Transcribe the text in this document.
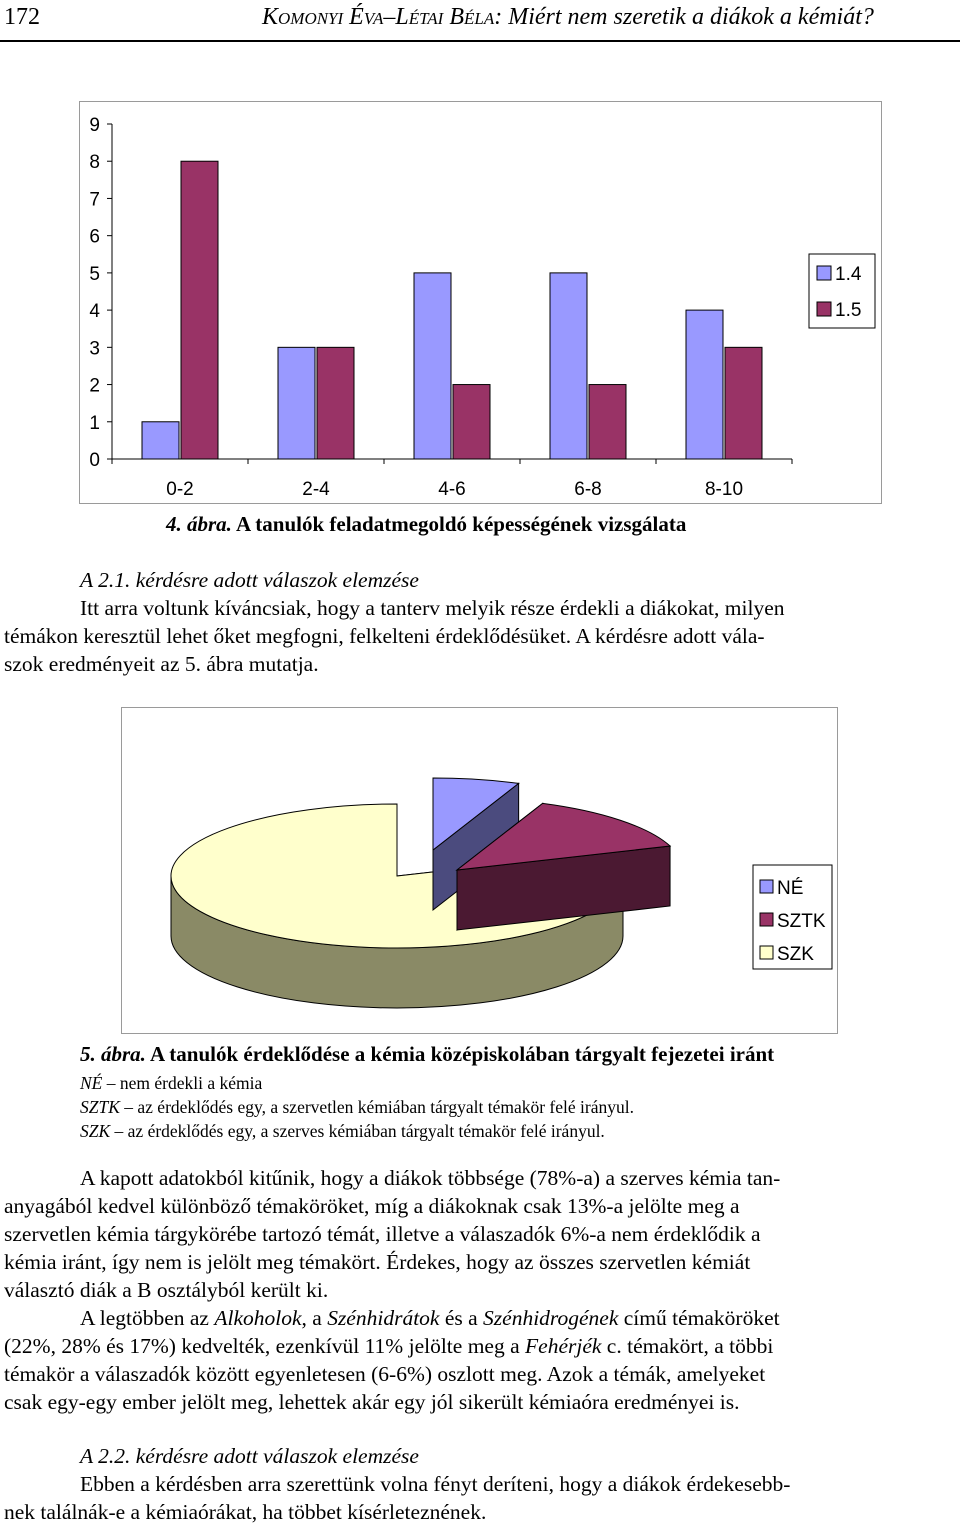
172	Komonyi Éva–Létai Béla: Miért nem szeretik a diákok a kémiát?
0
1
2
3
4
5
6
7
8
9
0-2	2-4	4-6	6-8	8-10
1.4
1.5
4. ábra. A tanulók feladatmegoldó képességének vizsgálata
A 2.1. kérdésre adott válaszok elemzése
Itt arra voltunk kíváncsiak, hogy a tanterv melyik része érdekli a diákokat, milyen
témákon keresztül lehet őket megfogni, felkelteni érdeklődésüket. A kérdésre adott vála-
szok eredményeit az 5. ábra mutatja.
NÉ
SZTK
SZK
5. ábra. A tanulók érdeklődése a kémia középiskolában tárgyalt fejezetei iránt
NÉ – nem érdekli a kémia
SZTK – az érdeklődés egy, a szervetlen kémiában tárgyalt témakör felé irányul.
SZK – az érdeklődés egy, a szerves kémiában tárgyalt témakör felé irányul.
A kapott adatokból kitűnik, hogy a diákok többsége (78%-a) a szerves kémia tan-
anyagából kedvel különböző témaköröket, míg a diákoknak csak 13%-a jelölte meg a
szervetlen kémia tárgykörébe tartozó témát, illetve a válaszadók 6%-a nem érdeklődik a
kémia iránt, így nem is jelölt meg témakört. Érdekes, hogy az összes szervetlen kémiát
választó diák a B osztályból került ki.
A legtöbben az Alkoholok, a Szénhidrátok és a Szénhidrogének című témaköröket
(22%, 28% és 17%) kedvelték, ezenkívül 11% jelölte meg a Fehérjék c. témakört, a többi
témakör a válaszadók között egyenletesen (6-6%) oszlott meg. Azok a témák, amelyeket
csak egy-egy ember jelölt meg, lehettek akár egy jól sikerült kémiaóra eredményei is.
A 2.2. kérdésre adott válaszok elemzése
Ebben a kérdésben arra szerettünk volna fényt deríteni, hogy a diákok érdekesebb-
nek találnák-e a kémiaórákat, ha többet kísérleteznének.
